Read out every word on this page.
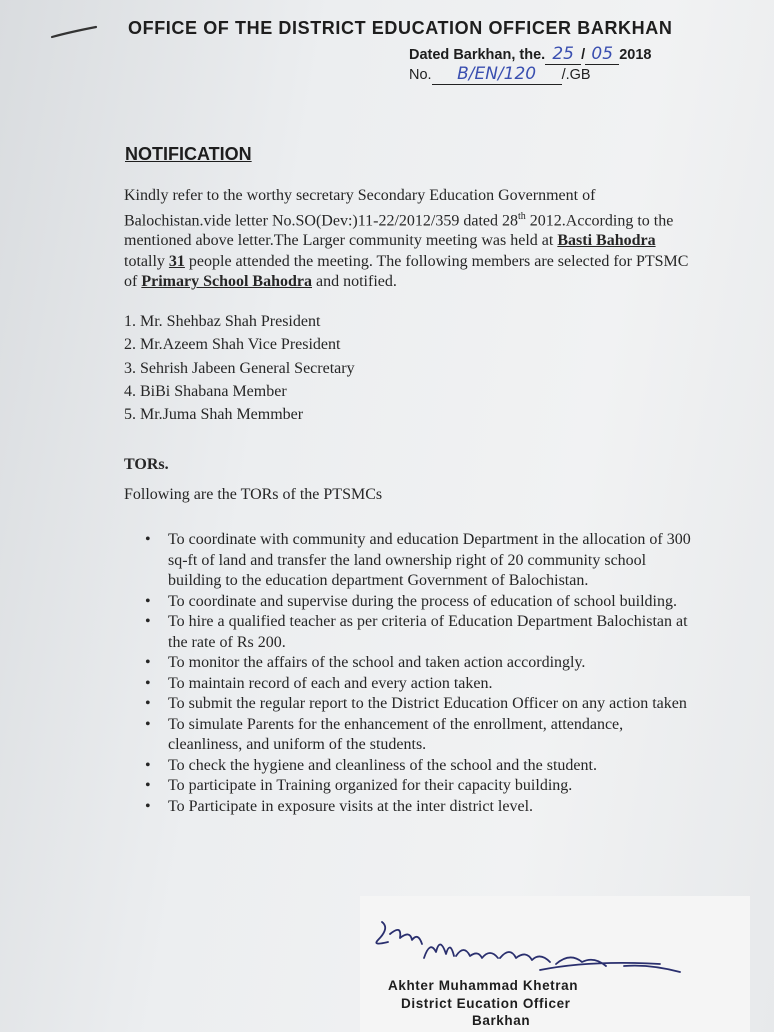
OFFICE OF THE DISTRICT EDUCATION OFFICER BARKHAN
Dated Barkhan, the. 25 / 05 2018
No. B/EN/120 /.GB
NOTIFICATION
Kindly refer to the worthy secretary Secondary Education Government of Balochistan.vide letter No.SO(Dev:)11-22/2012/359 dated 28th 2012.According to the mentioned above letter.The Larger community meeting was held at Basti Bahodra totally 31 people attended the meeting. The following members are selected for PTSMC of Primary School Bahodra and notified.
1. Mr. Shehbaz Shah President
2. Mr.Azeem Shah Vice President
3. Sehrish Jabeen General Secretary
4. BiBi Shabana Member
5. Mr.Juma Shah Memmber
TORs.
Following are the TORs of the PTSMCs
• To coordinate with community and education Department in the allocation of 300 sq-ft of land and transfer the land ownership right of 20 community school building to the education department Government of Balochistan.
• To coordinate and supervise during the process of education of school building.
• To hire a qualified teacher as per criteria of Education Department Balochistan at the rate of Rs 200.
• To monitor the affairs of the school and taken action accordingly.
• To maintain record of each and every action taken.
• To submit the regular report to the District Education Officer on any action taken
• To simulate Parents for the enhancement of the enrollment, attendance, cleanliness, and uniform of the students.
• To check the hygiene and cleanliness of the school and the student.
• To participate in Training organized for their capacity building.
• To Participate in exposure visits at the inter district level.
Akhter Muhammad Khetran
District Eucation Officer
Barkhan
